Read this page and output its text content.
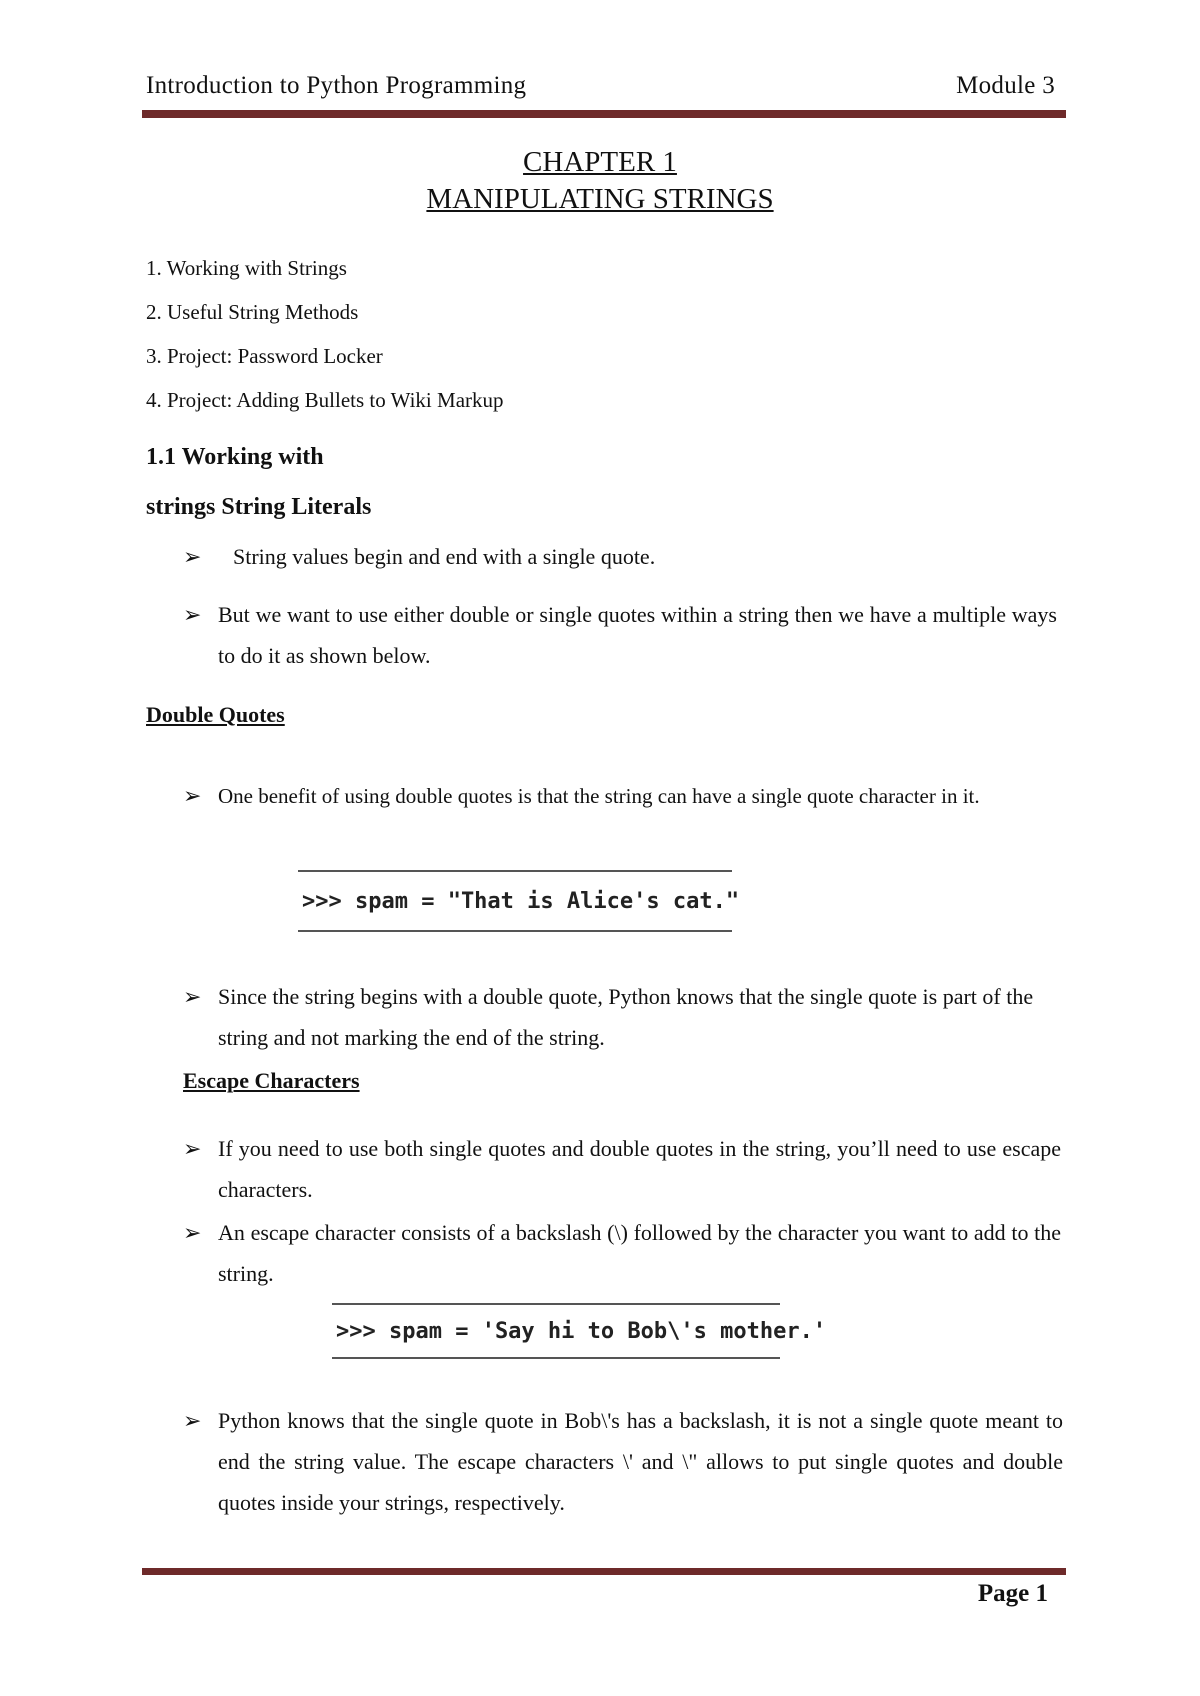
Introduction to Python Programming	Module 3
CHAPTER 1
MANIPULATING STRINGS
1. Working with Strings
2. Useful String Methods
3. Project: Password Locker
4. Project: Adding Bullets to Wiki Markup
1.1 Working with
strings String Literals
➢ String values begin and end with a single quote.
➢ But we want to use either double or single quotes within a string then we have a multiple ways to do it as shown below.
Double Quotes
➢ One benefit of using double quotes is that the string can have a single quote character in it.
>>> spam = "That is Alice's cat."
➢ Since the string begins with a double quote, Python knows that the single quote is part of the string and not marking the end of the string.
Escape Characters
➢ If you need to use both single quotes and double quotes in the string, you’ll need to use escape characters.
➢ An escape character consists of a backslash (\) followed by the character you want to add to the string.
>>> spam = 'Say hi to Bob\'s mother.'
➢ Python knows that the single quote in Bob\'s has a backslash, it is not a single quote meant to end the string value. The escape characters \' and \" allows to put single quotes and double quotes inside your strings, respectively.
Page 1
